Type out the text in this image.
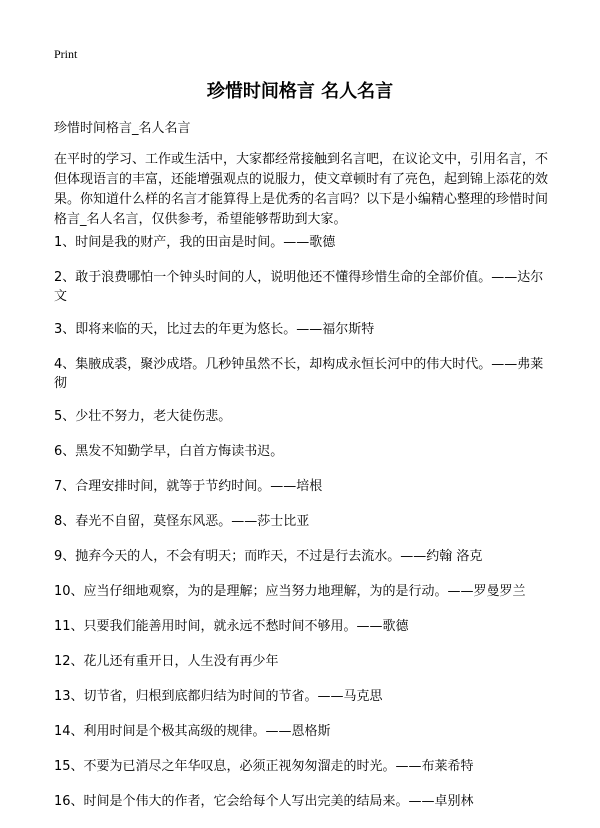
Print
珍惜时间格言 名人名言
珍惜时间格言_名人名言
在平时的学习、工作或生活中，大家都经常接触到名言吧，在议论文中，引用名言，不但体现语言的丰富，还能增强观点的说服力，使文章顿时有了亮色，起到锦上添花的效果。你知道什么样的名言才能算得上是优秀的名言吗？以下是小编精心整理的珍惜时间格言_名人名言，仅供参考，希望能够帮助到大家。
1、时间是我的财产，我的田亩是时间。——歌德
2、敢于浪费哪怕一个钟头时间的人，说明他还不懂得珍惜生命的全部价值。——达尔文
3、即将来临的天，比过去的年更为悠长。——福尔斯特
4、集腋成裘，聚沙成塔。几秒钟虽然不长，却构成永恒长河中的伟大时代。——弗莱彻
5、少壮不努力，老大徒伤悲。
6、黑发不知勤学早，白首方悔读书迟。
7、合理安排时间，就等于节约时间。——培根
8、春光不自留，莫怪东风恶。——莎士比亚
9、抛弃今天的人，不会有明天；而昨天，不过是行去流水。——约翰 洛克
10、应当仔细地观察，为的是理解；应当努力地理解，为的是行动。——罗曼罗兰
11、只要我们能善用时间，就永远不愁时间不够用。——歌德
12、花儿还有重开日，人生没有再少年
13、切节省，归根到底都归结为时间的节省。——马克思
14、利用时间是个极其高级的规律。——恩格斯
15、不要为已消尽之年华叹息，必须正视匆匆溜走的时光。——布莱希特
16、时间是个伟大的作者，它会给每个人写出完美的结局来。——卓别林
